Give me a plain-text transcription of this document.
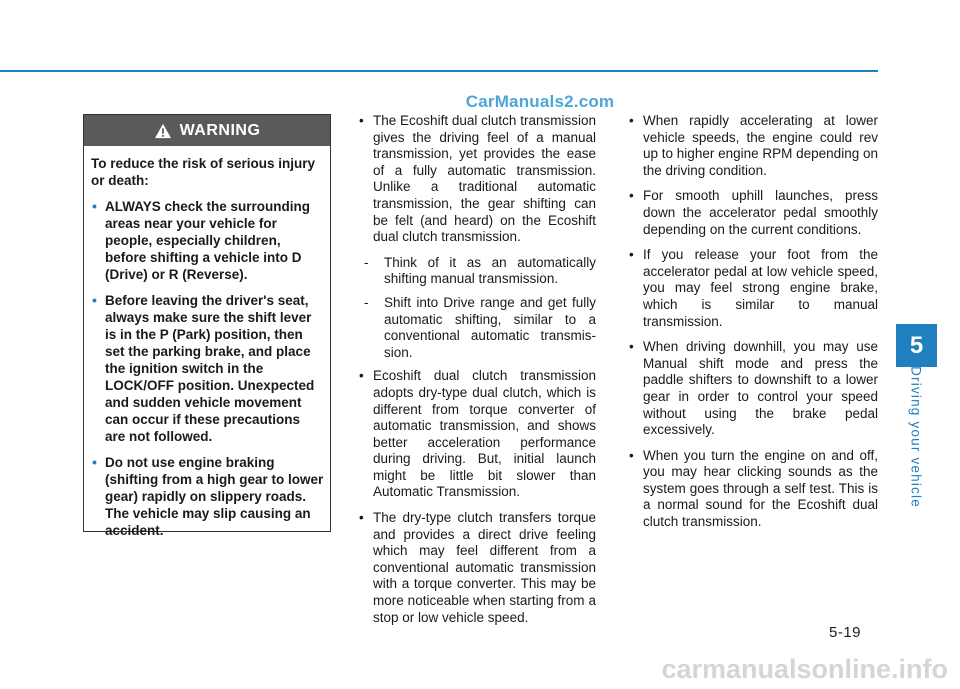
CarManuals2.com
WARNING

To reduce the risk of serious injury or death:

• ALWAYS check the surrounding areas near your vehicle for people, especially children, before shifting a vehicle into D (Drive) or R (Reverse).
• Before leaving the driver's seat, always make sure the shift lever is in the P (Park) position, then set the parking brake, and place the ignition switch in the LOCK/OFF position. Unexpected and sudden vehicle movement can occur if these precautions are not followed.
• Do not use engine braking (shifting from a high gear to lower gear) rapidly on slippery roads. The vehicle may slip causing an accident.
• The Ecoshift dual clutch transmission gives the driving feel of a manual transmission, yet provides the ease of a fully automatic transmission. Unlike a traditional automatic transmission, the gear shifting can be felt (and heard) on the Ecoshift dual clutch transmission.
- Think of it as an automatically shifting manual transmission.
- Shift into Drive range and get fully automatic shifting, similar to a conventional automatic transmission.
• Ecoshift dual clutch transmission adopts dry-type dual clutch, which is different from torque converter of automatic transmission, and shows better acceleration performance during driving. But, initial launch might be little bit slower than Automatic Transmission.
• The dry-type clutch transfers torque and provides a direct drive feeling which may feel different from a conventional automatic transmission with a torque converter. This may be more noticeable when starting from a stop or low vehicle speed.
• When rapidly accelerating at lower vehicle speeds, the engine could rev up to higher engine RPM depending on the driving condition.
• For smooth uphill launches, press down the accelerator pedal smoothly depending on the current conditions.
• If you release your foot from the accelerator pedal at low vehicle speed, you may feel strong engine brake, which is similar to manual transmission.
• When driving downhill, you may use Manual shift mode and press the paddle shifters to downshift to a lower gear in order to control your speed without using the brake pedal excessively.
• When you turn the engine on and off, you may hear clicking sounds as the system goes through a self test. This is a normal sound for the Ecoshift dual clutch transmission.
5
Driving your vehicle
5-19
carmanualsonline.info
